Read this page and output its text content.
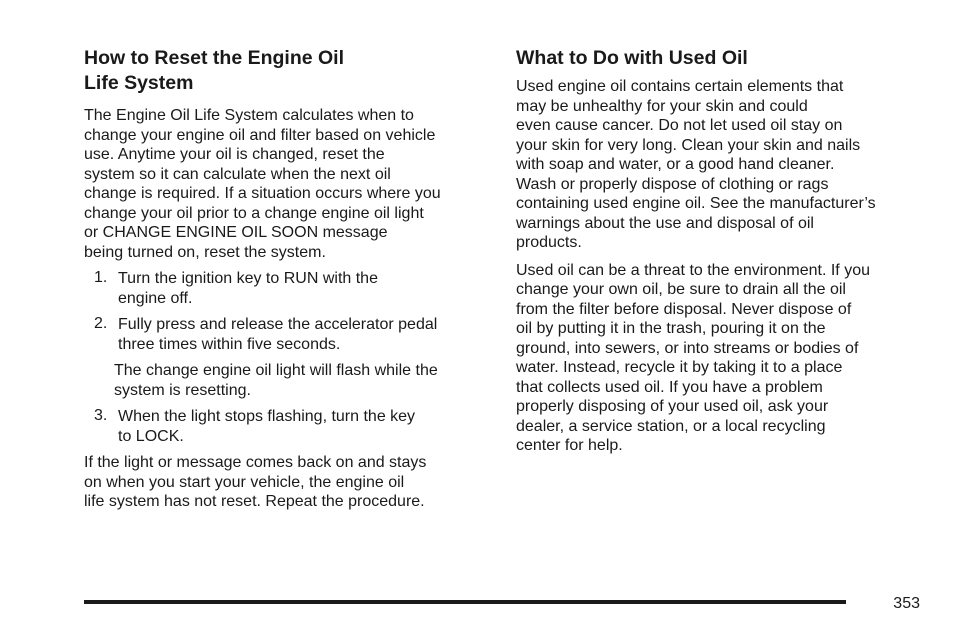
How to Reset the Engine Oil
Life System

The Engine Oil Life System calculates when to
change your engine oil and filter based on vehicle
use. Anytime your oil is changed, reset the
system so it can calculate when the next oil
change is required. If a situation occurs where you
change your oil prior to a change engine oil light
or CHANGE ENGINE OIL SOON message
being turned on, reset the system.

1. Turn the ignition key to RUN with the
engine off.

2. Fully press and release the accelerator pedal
three times within five seconds.

The change engine oil light will flash while the
system is resetting.

3. When the light stops flashing, turn the key
to LOCK.

If the light or message comes back on and stays
on when you start your vehicle, the engine oil
life system has not reset. Repeat the procedure.

What to Do with Used Oil

Used engine oil contains certain elements that
may be unhealthy for your skin and could
even cause cancer. Do not let used oil stay on
your skin for very long. Clean your skin and nails
with soap and water, or a good hand cleaner.
Wash or properly dispose of clothing or rags
containing used engine oil. See the manufacturer’s
warnings about the use and disposal of oil
products.

Used oil can be a threat to the environment. If you
change your own oil, be sure to drain all the oil
from the filter before disposal. Never dispose of
oil by putting it in the trash, pouring it on the
ground, into sewers, or into streams or bodies of
water. Instead, recycle it by taking it to a place
that collects used oil. If you have a problem
properly disposing of your used oil, ask your
dealer, a service station, or a local recycling
center for help.

353
